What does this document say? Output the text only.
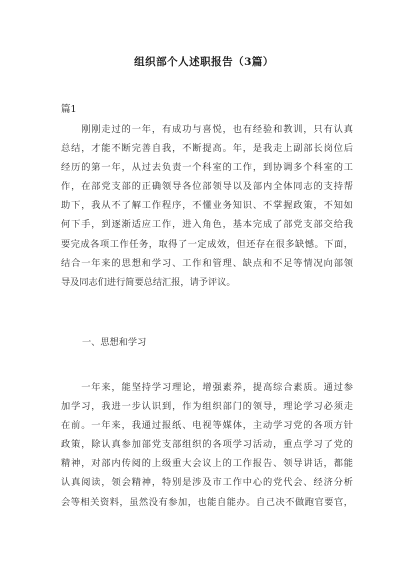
组织部个人述职报告（3篇）
篇1
　　刚刚走过的一年，有成功与喜悦，也有经验和教训，只有认真
总结，才能不断完善自我，不断提高。年，是我走上副部长岗位后
经历的第一年，从过去负责一个科室的工作，到协调多个科室的工
作，在部党支部的正确领导各位部领导以及部内全体同志的支持帮
助下，我从不了解工作程序，不懂业务知识、不掌握政策，不知如
何下手，到逐渐适应工作，进入角色，基本完成了部党支部交给我
要完成各项工作任务，取得了一定成效，但还存在很多缺憾。下面，
结合一年来的思想和学习、工作和管理、缺点和不足等情况向部领
导及同志们进行简要总结汇报，请予评议。
一、思想和学习
　　一年来，能坚持学习理论，增强素养，提高综合素质。通过参
加学习，我进一步认识到，作为组织部门的领导，理论学习必须走
在前。一年来，我通过报纸、电视等媒体，主动学习党的各项方针
政策，除认真参加部党支部组织的各项学习活动，重点学习了党的
精神，对部内传阅的上级重大会议上的工作报告、领导讲话，都能
认真阅读，领会精神，特别是涉及市工作中心的党代会、经济分析
会等相关资料，虽然没有参加，也能自能办。自己决不做跑官要官，
